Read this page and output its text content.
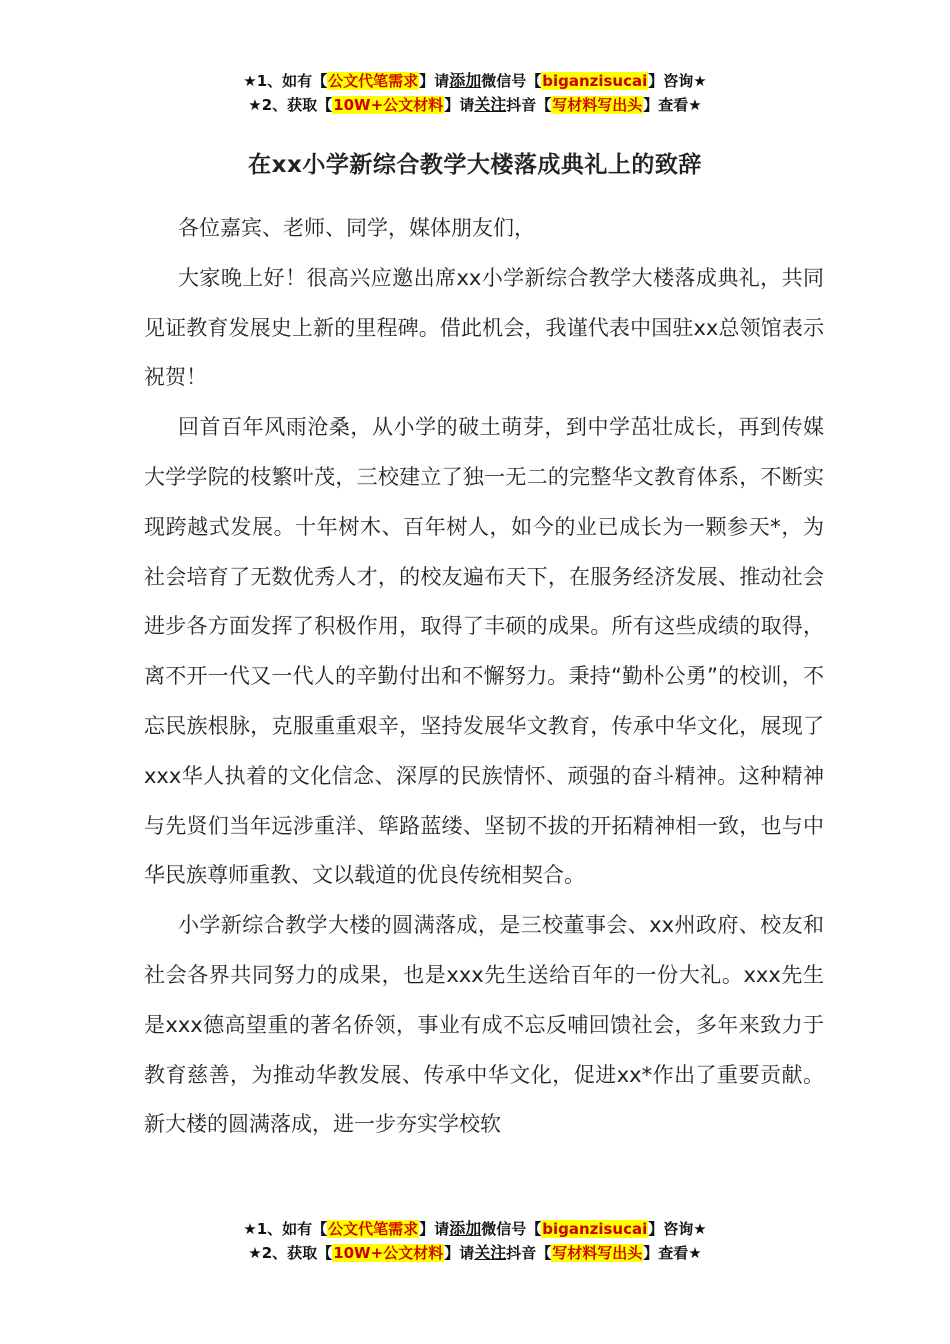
★1、如有【公文代笔需求】请添加微信号【biganzisucai】咨询★
★2、获取【10W+公文材料】请关注抖音【写材料写出头】查看★
在xx小学新综合教学大楼落成典礼上的致辞

各位嘉宾、老师、同学，媒体朋友们，

大家晚上好！很高兴应邀出席xx小学新综合教学大楼落成典礼，共同见证教育发展史上新的里程碑。借此机会，我谨代表中国驻xx总领馆表示祝贺！

回首百年风雨沧桑，从小学的破土萌芽，到中学茁壮成长，再到传媒大学学院的枝繁叶茂，三校建立了独一无二的完整华文教育体系，不断实现跨越式发展。十年树木、百年树人，如今的业已成长为一颗参天*，为社会培育了无数优秀人才，的校友遍布天下，在服务经济发展、推动社会进步各方面发挥了积极作用，取得了丰硕的成果。所有这些成绩的取得，离不开一代又一代人的辛勤付出和不懈努力。秉持“勤朴公勇”的校训，不忘民族根脉，克服重重艰辛，坚持发展华文教育，传承中华文化，展现了xxx华人执着的文化信念、深厚的民族情怀、顽强的奋斗精神。这种精神与先贤们当年远涉重洋、筚路蓝缕、坚韧不拔的开拓精神相一致，也与中华民族尊师重教、文以载道的优良传统相契合。

小学新综合教学大楼的圆满落成，是三校董事会、xx州政府、校友和社会各界共同努力的成果，也是xxx先生送给百年的一份大礼。xxx先生是xxx德高望重的著名侨领，事业有成不忘反哺回馈社会，多年来致力于教育慈善，为推动华教发展、传承中华文化，促进xx*作出了重要贡献。新大楼的圆满落成，进一步夯实学校软

★1、如有【公文代笔需求】请添加微信号【biganzisucai】咨询★
★2、获取【10W+公文材料】请关注抖音【写材料写出头】查看★
